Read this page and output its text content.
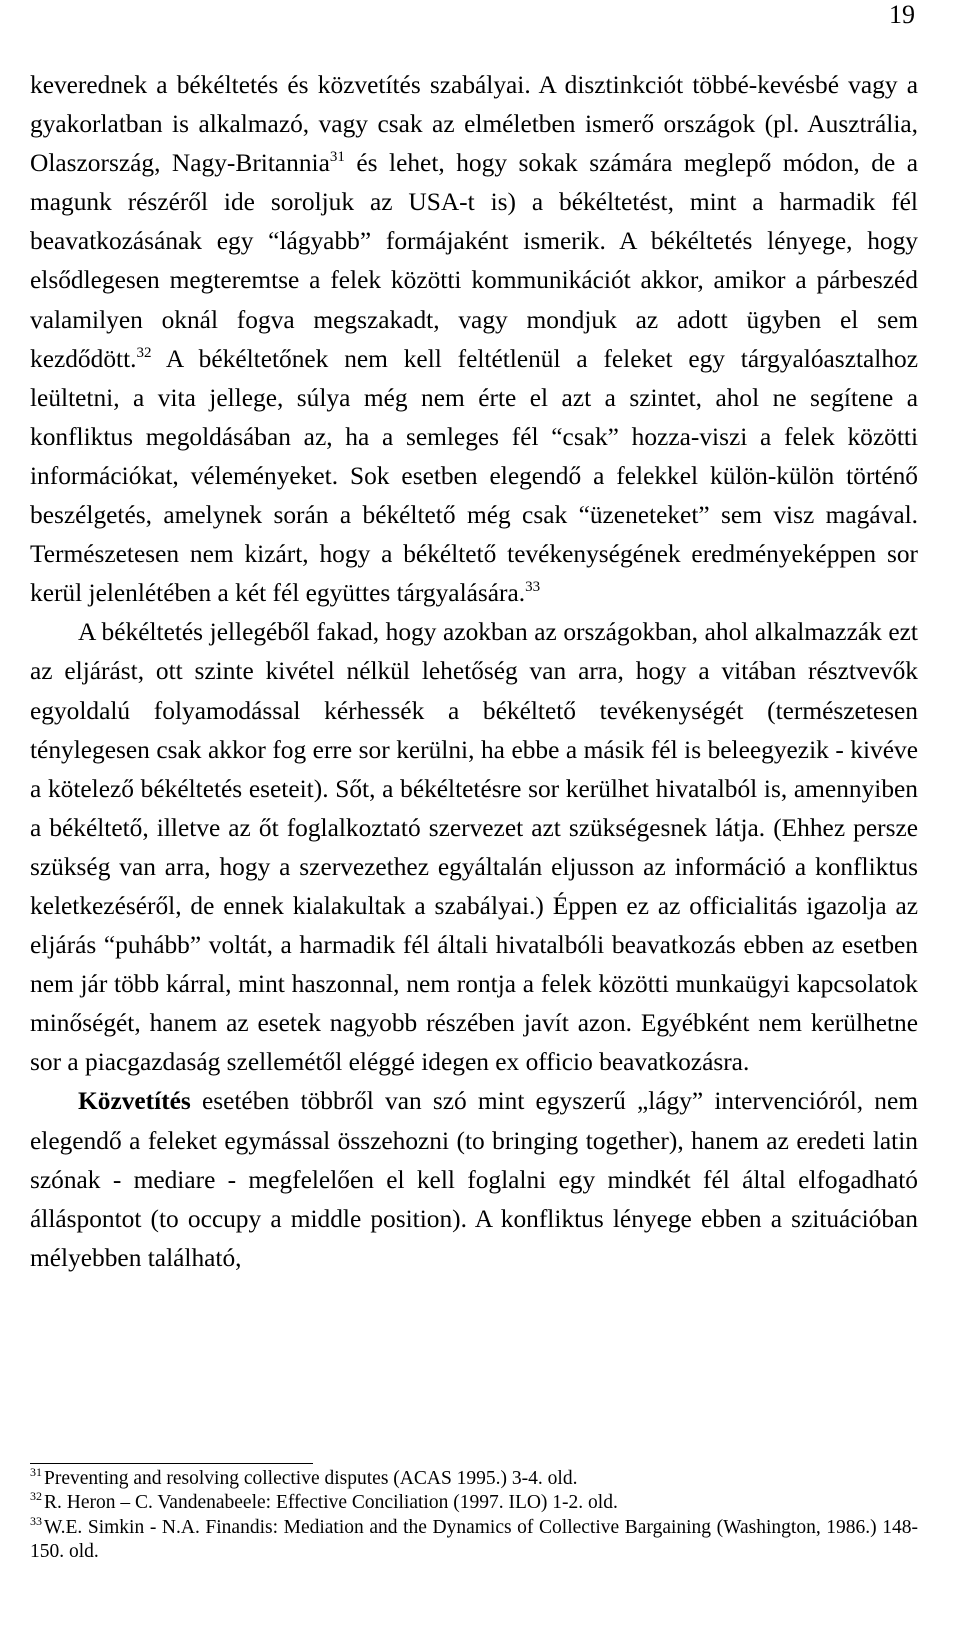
19

keverednek a békéltetés és közvetítés szabályai. A disztinkciót többé-kevésbé vagy a gyakorlatban is alkalmazó, vagy csak az elméletben ismerő országok (pl. Ausztrália, Olaszország, Nagy-Britannia$^{31}$ és lehet, hogy sokak számára meglepő módon, de a magunk részéről ide soroljuk az USA-t is) a békéltetést, mint a harmadik fél beavatkozásának egy “lágyabb” formájaként ismerik. A békéltetés lényege, hogy elsődlegesen megteremtse a felek közötti kommunikációt akkor, amikor a párbeszéd valamilyen oknál fogva megszakadt, vagy mondjuk az adott ügyben el sem kezdődött.$^{32}$ A békéltetőnek nem kell feltétlenül a feleket egy tárgyalóasztalhoz leültetni, a vita jellege, súlya még nem érte el azt a szintet, ahol ne segítene a konfliktus megoldásában az, ha a semleges fél “csak” hozza-viszi a felek közötti információkat, véleményeket. Sok esetben elegendő a felekkel külön-külön történő beszélgetés, amelynek során a békéltető még csak “üzeneteket” sem visz magával. Természetesen nem kizárt, hogy a békéltető tevékenységének eredményeképpen sor kerül jelenlétében a két fél együttes tárgyalására.$^{33}$

A békéltetés jellegéből fakad, hogy azokban az országokban, ahol alkalmazzák ezt az eljárást, ott szinte kivétel nélkül lehetőség van arra, hogy a vitában résztvevők egyoldalú folyamodással kérhessék a békéltető tevékenységét (természetesen ténylegesen csak akkor fog erre sor kerülni, ha ebbe a másik fél is beleegyezik - kivéve a kötelező békéltetés eseteit). Sőt, a békéltetésre sor kerülhet hivatalból is, amennyiben a békéltető, illetve az őt foglalkoztató szervezet azt szükségesnek látja. (Ehhez persze szükség van arra, hogy a szervezethez egyáltalán eljusson az információ a konfliktus keletkezéséről, de ennek kialakultak a szabályai.) Éppen ez az officialitás igazolja az eljárás “puhább” voltát, a harmadik fél általi hivatalbóli beavatkozás ebben az esetben nem jár több kárral, mint haszonnal, nem rontja a felek közötti munkaügyi kapcsolatok minőségét, hanem az esetek nagyobb részében javít azon. Egyébként nem kerülhetne sor a piacgazdaság szellemétől eléggé idegen ex officio beavatkozásra.

Közvetítés esetében többről van szó mint egyszerű „lágy” intervencióról, nem elegendő a feleket egymással összehozni (to bringing together), hanem az eredeti latin szónak - mediare - megfelelően el kell foglalni egy mindkét fél által elfogadható álláspontot (to occupy a middle position). A konfliktus lényege ebben a szituációban mélyebben található,

$^{31}$ Preventing and resolving collective disputes (ACAS 1995.) 3-4. old.

$^{32}$ R. Heron – C. Vandenabeele: Effective Conciliation (1997. ILO) 1-2. old.

$^{33}$ W.E. Simkin - N.A. Finandis: Mediation and the Dynamics of Collective Bargaining (Washington, 1986.) 148-150. old.
